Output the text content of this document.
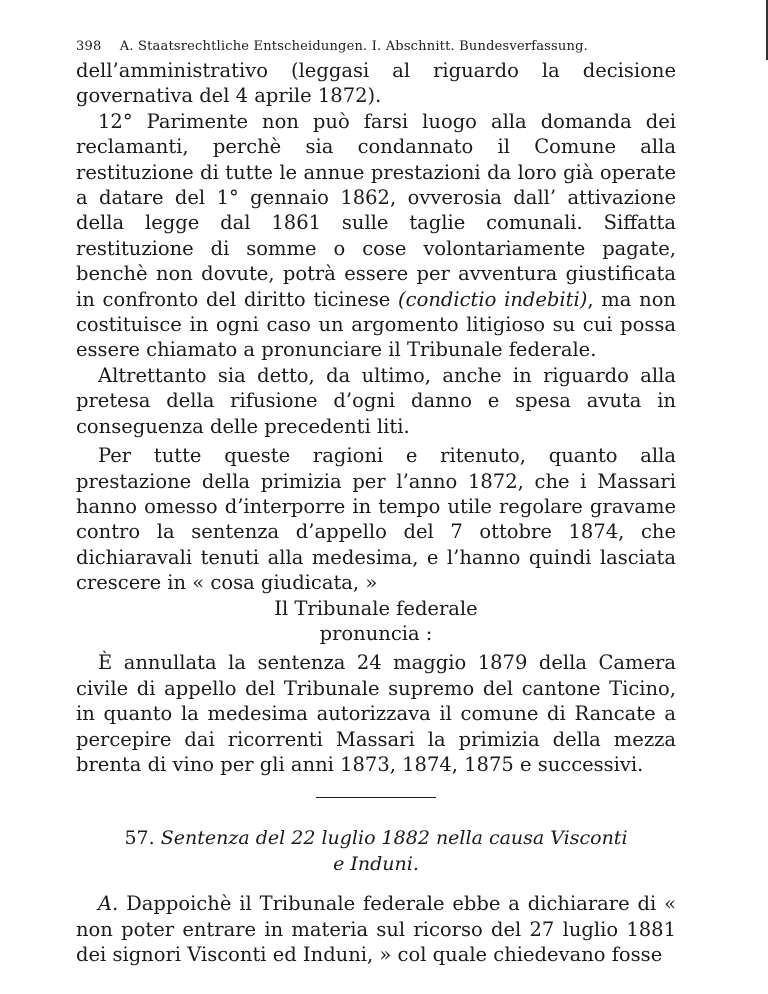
398 A. Staatsrechtliche Entscheidungen. I. Abschnitt. Bundesverfassung.

dell’amministrativo (leggasi al riguardo la decisione governativa del 4 aprile 1872).

12° Parimente non può farsi luogo alla domanda dei reclamanti, perchè sia condannato il Comune alla restituzione di tutte le annue prestazioni da loro già operate a datare del 1° gennaio 1862, ovverosia dall’ attivazione della legge dal 1861 sulle taglie comunali. Siffatta restituzione di somme o cose volontariamente pagate, benchè non dovute, potrà essere per avventura giustificata in confronto del diritto ticinese (condictio indebiti), ma non costituisce in ogni caso un argomento litigioso su cui possa essere chiamato a pronunciare il Tribunale federale.

Altrettanto sia detto, da ultimo, anche in riguardo alla pretesa della rifusione d’ogni danno e spesa avuta in conseguenza delle precedenti liti.

Per tutte queste ragioni e ritenuto, quanto alla prestazione della primizia per l’anno 1872, che i Massari hanno omesso d’interporre in tempo utile regolare gravame contro la sentenza d’appello del 7 ottobre 1874, che dichiaravali tenuti alla medesima, e l’hanno quindi lasciata crescere in « cosa giudicata, »

Il Tribunale federale

pronuncia :

È annullata la sentenza 24 maggio 1879 della Camera civile di appello del Tribunale supremo del cantone Ticino, in quanto la medesima autorizzava il comune di Rancate a percepire dai ricorrenti Massari la primizia della mezza brenta di vino per gli anni 1873, 1874, 1875 e successivi.

57. Sentenza del 22 luglio 1882 nella causa Visconti
e Induni.

A. Dappoichè il Tribunale federale ebbe a dichiarare di « non poter entrare in materia sul ricorso del 27 luglio 1881 dei signori Visconti ed Induni, » col quale chiedevano fosse
